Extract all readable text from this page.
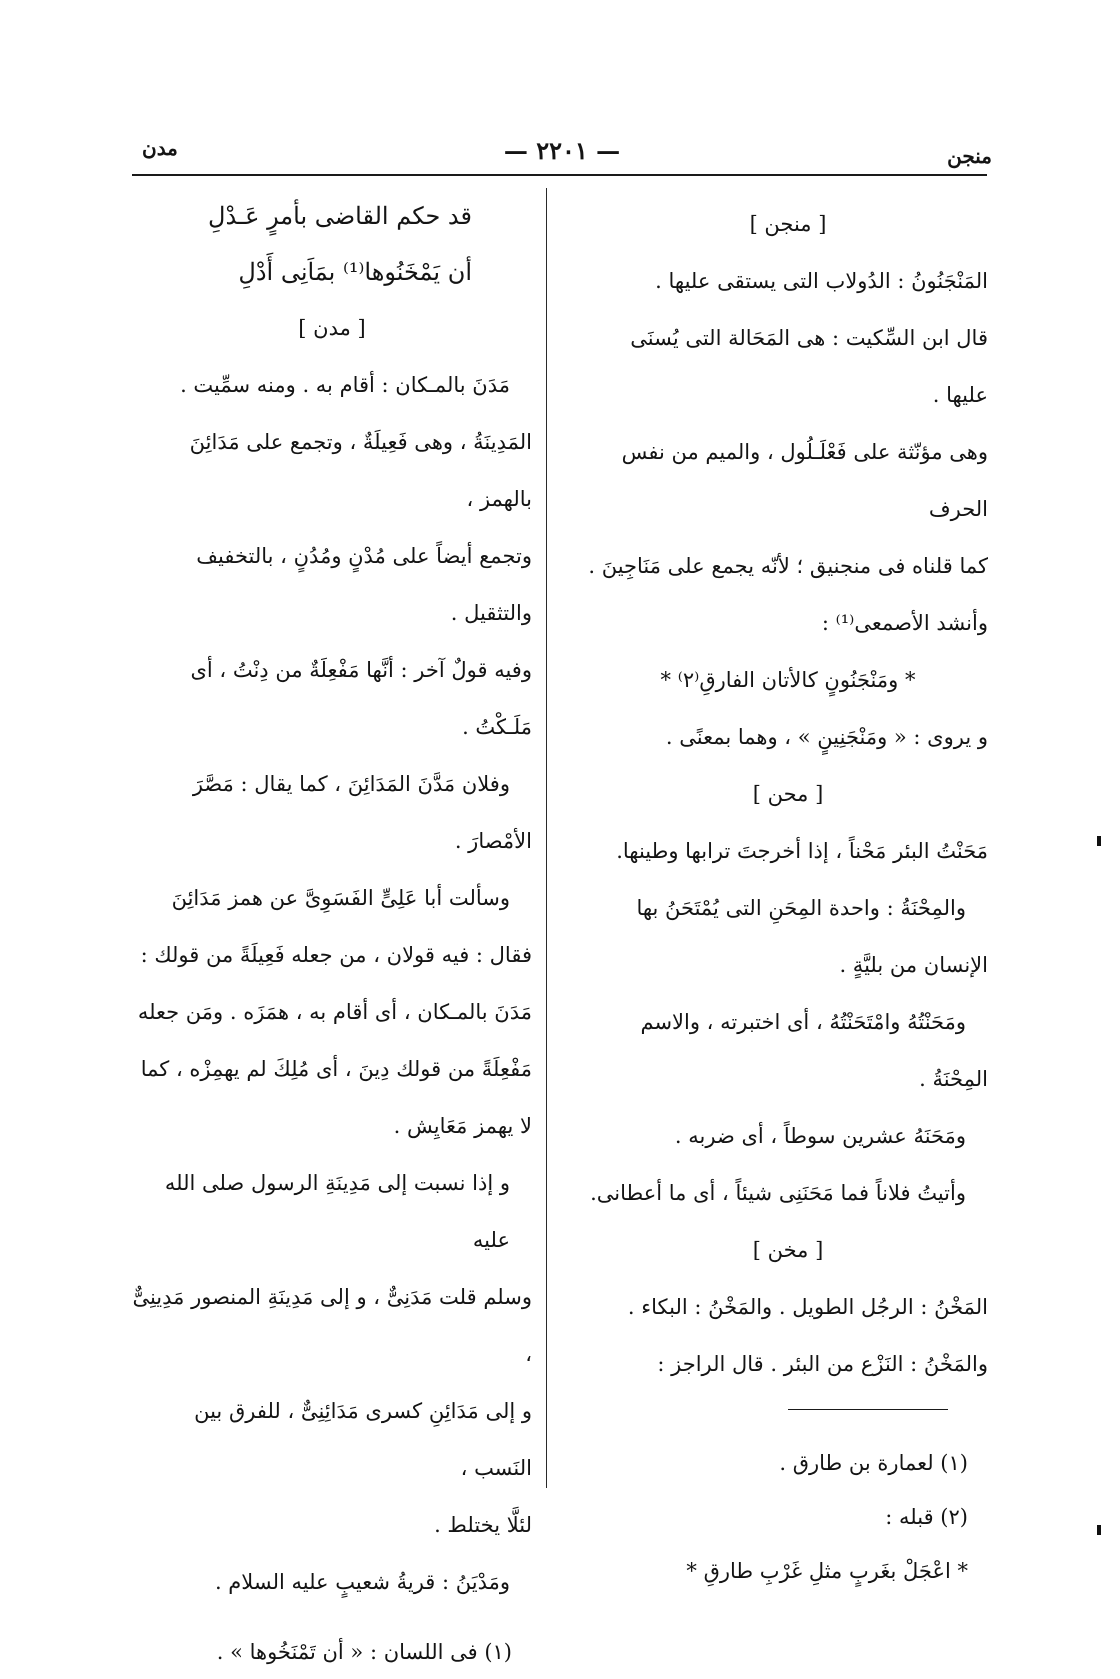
منجن
— ٢٢٠١ —
مدن

[ منجن ]

المَنْجَنُونُ : الدُولاب التى يستقى عليها .

قال ابن السِّكيت : هى المَحَالة التى يُسنَى عليها .

وهى مؤنّثة على فَعْلَـلُول ، والميم من نفس الحرف

كما قلناه فى منجنيق ؛ لأنّه يجمع على مَنَاجِينَ .

وأنشد الأصمعى⁽¹⁾ :

* ومَنْجَنُونٍ كالأتان الفارقِ⁽٢⁾ *

و يروى : « ومَنْجَنِينٍ » ، وهما بمعنًى .

[ محن ]

مَحَنْتُ البئر مَحْناً ، إذا أخرجتَ ترابها وطينها.

والمِحْنَةُ : واحدة المِحَنِ التى يُمْتَحَنُ بها

الإنسان من بليَّةٍ .

ومَحَنْتُهُ وامْتَحَنْتُهُ ، أى اختبرته ، والاسم

المِحْنَةُ .

ومَحَنَهُ عشرين سوطاً ، أى ضربه .

وأتيتُ فلاناً فما مَحَنَنِى شيئاً ، أى ما أعطانى.

[ مخن ]

المَخْنُ : الرجُل الطويل . والمَخْنُ : البكاء .

والمَخْنُ : النَزْع من البئر . قال الراجز :

(١) لعمارة بن طارق .

(٢) قبله :

* اعْجَلْ بغَربٍ مثلِ غَرْبِ طارقِ *

قد حكم القاضى بأمرٍ عَـدْلِ

أن يَمْخَنُوها⁽¹⁾ بمَاَنِى أَدْلِ

[ مدن ]

مَدَنَ بالمـكان : أقام به . ومنه سمِّيت .

المَدِينَةُ ، وهى فَعِيلَةٌ ، وتجمع على مَدَائِنَ بالهمز ،

وتجمع أيضاً على مُدْنٍ ومُدُنٍ ، بالتخفيف والتثقيل .

وفيه قولٌ آخر : أنَّها مَفْعِلَةٌ من دِنْتُ ، أى

مَلَـكْتُ .

وفلان مَدَّنَ المَدَائِنَ ، كما يقال : مَصَّرَ

الأمْصارَ .

وسألت أبا عَلِىٍّ الفَسَوِىَّ عن همز مَدَائِنَ

فقال : فيه قولان ، من جعله فَعِيلَةً من قولك :

مَدَنَ بالمـكان ، أى أقام به ، همَزَه . ومَن جعله

مَفْعِلَةً من قولك دِينَ ، أى مُلِكَ لم يهمِزْه ، كما

لا يهمز مَعَايِش .

و إذا نسبت إلى مَدِينَةِ الرسول صلى الله عليه

وسلم قلت مَدَنِىٌّ ، و إلى مَدِينَةِ المنصور مَدِينِىٌّ ،

و إلى مَدَائِنِ كسرى مَدَائِنِىٌّ ، للفرق بين النَسب ،

لئلَّا يختلط .

ومَدْيَنُ : قريةُ شعيبٍ عليه السلام .

(١) فى اللسان : « أن تَمْنَخُوها » .
